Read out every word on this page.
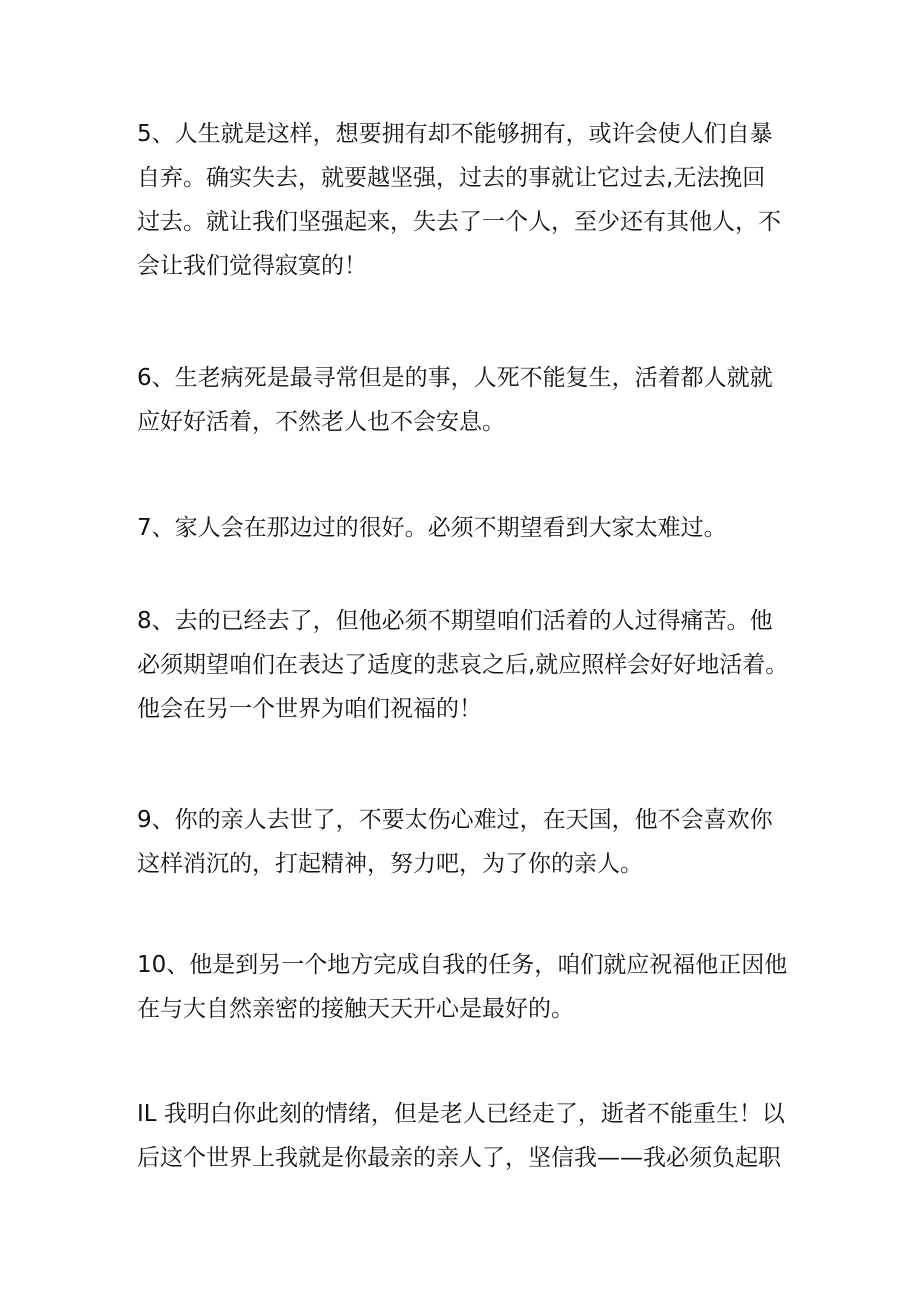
5、人生就是这样，想要拥有却不能够拥有，或许会使人们自暴
自弃。确实失去，就要越坚强，过去的事就让它过去,无法挽回
过去。就让我们坚强起来，失去了一个人，至少还有其他人，不
会让我们觉得寂寞的！
6、生老病死是最寻常但是的事，人死不能复生，活着都人就就
应好好活着，不然老人也不会安息。
7、家人会在那边过的很好。必须不期望看到大家太难过。
8、去的已经去了，但他必须不期望咱们活着的人过得痛苦。他
必须期望咱们在表达了适度的悲哀之后,就应照样会好好地活着。
他会在另一个世界为咱们祝福的！
9、你的亲人去世了，不要太伤心难过，在天国，他不会喜欢你
这样消沉的，打起精神，努力吧，为了你的亲人。
10、他是到另一个地方完成自我的任务，咱们就应祝福他正因他
在与大自然亲密的接触天天开心是最好的。
IL 我明白你此刻的情绪，但是老人已经走了，逝者不能重生！以
后这个世界上我就是你最亲的亲人了，坚信我——我必须负起职
